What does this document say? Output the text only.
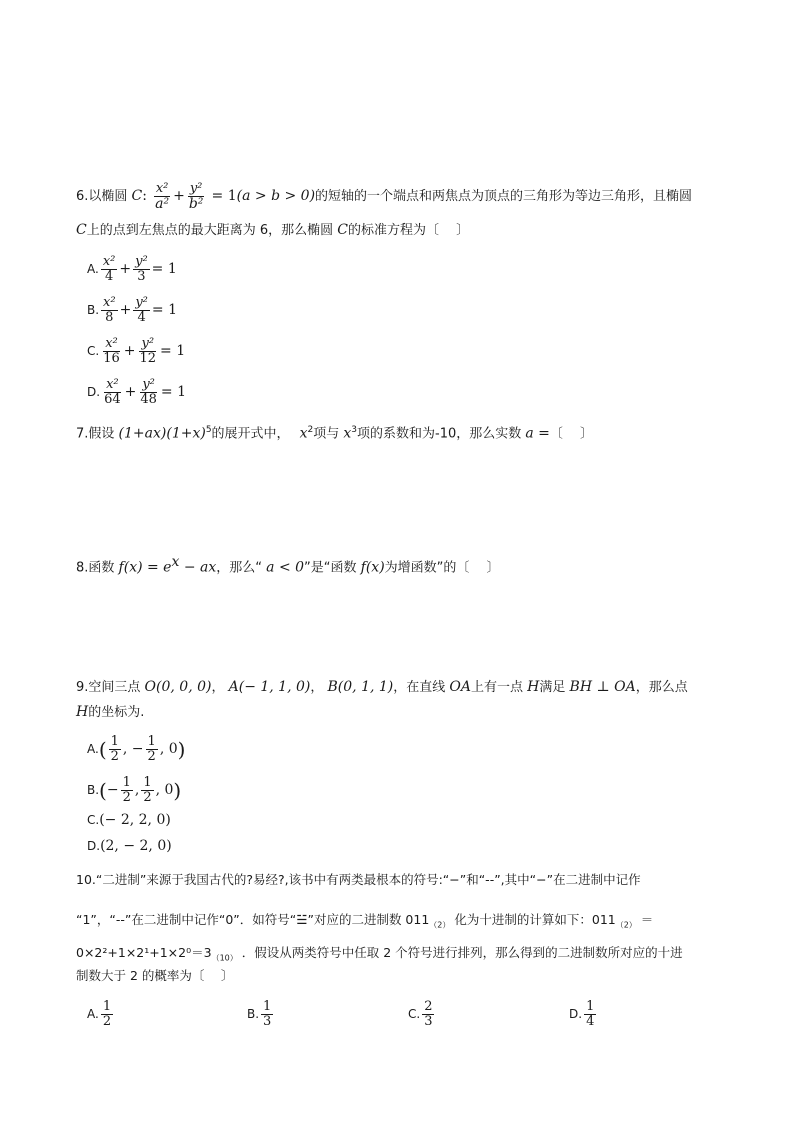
6.以椭圆 C: $\frac{\text{x²}}{\text{a²}} + \frac{\text{y²}}{\text{b²}} = 1(a > b > 0)$的短轴的一个端点和两焦点为顶点的三角形为等边三角形，且椭圆
C上的点到左焦点的最大距离为 6，那么椭圆 C的标准方程为〔　 〕
A. $\frac{\text{x²}}{4} + \frac{\text{y²}}{3} = 1$
B. $\frac{\text{x²}}{8} + \frac{\text{y²}}{4} = 1$
C. $\frac{\text{x²}}{16} + \frac{\text{y²}}{12} = 1$
D. $\frac{\text{x²}}{64} + \frac{\text{y²}}{48} = 1$
7.假设 $(1+ax)(1+x)^5$的展开式中， $x^2$项与 $x^3$项的系数和为-10，那么实数 a =〔　 〕
8.函数 $f(x) = e^x$ − ax，那么“ a < 0”是“函数 f(x)为增函数”的〔　 〕
9.空间三点 O(0, 0, 0)， A(− 1, 1, 0)， B(0, 1, 1)，在直线 OA上有一点 H满足 BH ⊥ OA，那么点
H的坐标为.
$A.( \frac{1}{2}$ , − $\frac{1}{2}$ , 0)
$B.(- \frac{1}{2}$ , $\frac{1}{2}$ , 0)
C.(− 2, 2, 0)
D.(2, − 2, 0)
10.“二进制”来源于我国古代的?易经?,该书中有两类最根本的符号:“−”和“--”,其中“−”在二进制中记作
“1”，“--”在二进制中记作“0”．如符号“☱”对应的二进制数 $011_{(2)}$ 化为十进制的计算如下：$011_{(2)}$ ＝
$0\times 2^2+1\times 2^1+1\times 2^0=3_{(10)}$ ．假设从两类符号中任取 2 个符号进行排列，那么得到的二进制数所对应的十进
制数大于 2 的概率为〔　 〕
A. $\frac{1}{2}$	B. $\frac{1}{3}$	C. $\frac{2}{3}$	D. $\frac{1}{4}$
